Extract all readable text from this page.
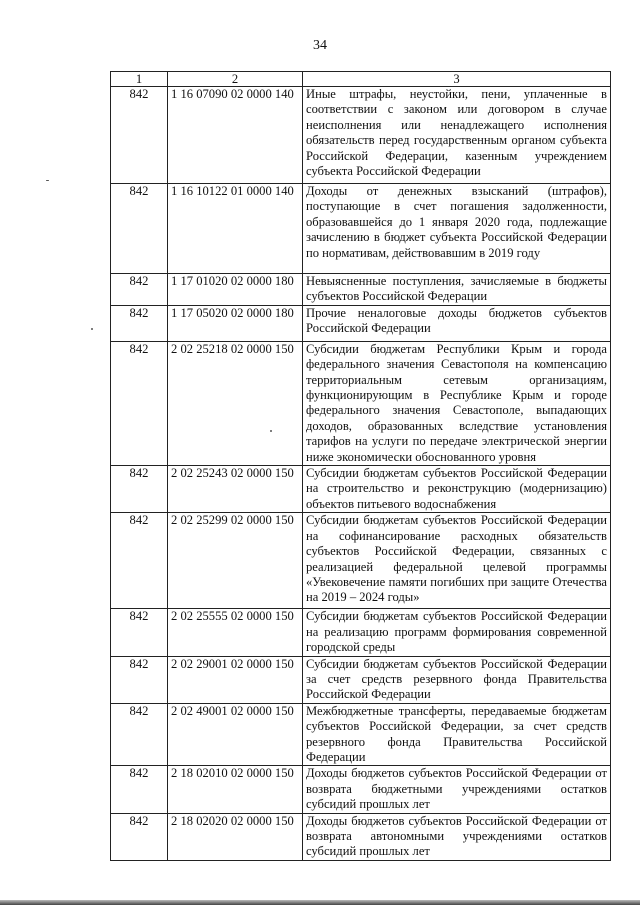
34
1	2	3
842	1 16 07090 02 0000 140	Иные штрафы, неустойки, пени, уплаченные в соответствии с законом или договором в случае неисполнения или ненадлежащего исполнения обязательств перед государственным органом субъекта Российской Федерации, казенным учреждением субъекта Российской Федерации
842	1 16 10122 01 0000 140	Доходы от денежных взысканий (штрафов), поступающие в счет погашения задолженности, образовавшейся до 1 января 2020 года, подлежащие зачислению в бюджет субъекта Российской Федерации по нормативам, действовавшим в 2019 году
842	1 17 01020 02 0000 180	Невыясненные поступления, зачисляемые в бюджеты субъектов Российской Федерации
842	1 17 05020 02 0000 180	Прочие неналоговые доходы бюджетов субъектов Российской Федерации
842	2 02 25218 02 0000 150	Субсидии бюджетам Республики Крым и города федерального значения Севастополя на компенсацию территориальным сетевым организациям, функционирующим в Республике Крым и городе федерального значения Севастополе, выпадающих доходов, образованных вследствие установления тарифов на услуги по передаче электрической энергии ниже экономически обоснованного уровня
842	2 02 25243 02 0000 150	Субсидии бюджетам субъектов Российской Федерации на строительство и реконструкцию (модернизацию) объектов питьевого водоснабжения
842	2 02 25299 02 0000 150	Субсидии бюджетам субъектов Российской Федерации на софинансирование расходных обязательств субъектов Российской Федерации, связанных с реализацией федеральной целевой программы «Увековечение памяти погибших при защите Отечества на 2019 – 2024 годы»
842	2 02 25555 02 0000 150	Субсидии бюджетам субъектов Российской Федерации на реализацию программ формирования современной городской среды
842	2 02 29001 02 0000 150	Субсидии бюджетам субъектов Российской Федерации за счет средств резервного фонда Правительства Российской Федерации
842	2 02 49001 02 0000 150	Межбюджетные трансферты, передаваемые бюджетам субъектов Российской Федерации, за счет средств резервного фонда Правительства Российской Федерации
842	2 18 02010 02 0000 150	Доходы бюджетов субъектов Российской Федерации от возврата бюджетными учреждениями остатков субсидий прошлых лет
842	2 18 02020 02 0000 150	Доходы бюджетов субъектов Российской Федерации от возврата автономными учреждениями остатков субсидий прошлых лет
